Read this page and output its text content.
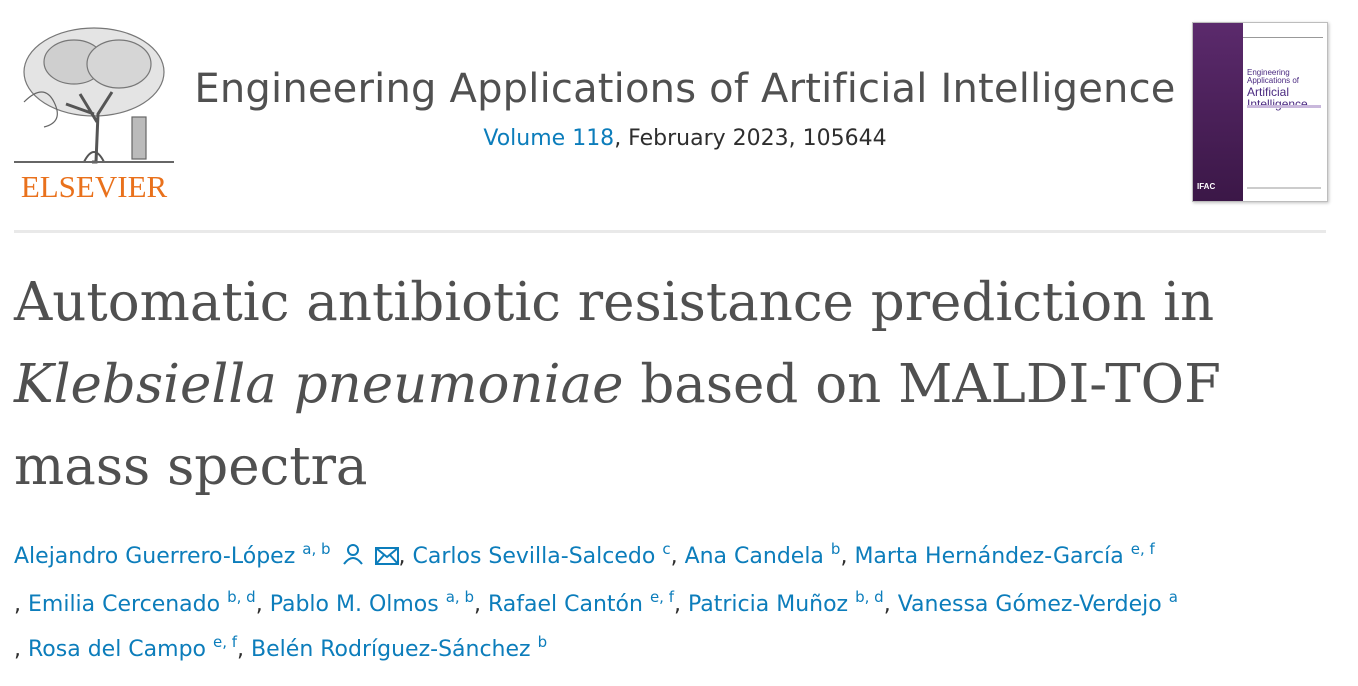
ELSEVIER
Engineering Applications of Artificial Intelligence
Volume 118, February 2023, 105644
Engineering Applications of
Artificial
IFAC
Automatic antibiotic resistance prediction in
Klebsiella pneumoniae based on MALDI-TOF mass spectra
Alejandro Guerrero-López $^{a, b}$	, Carlos Sevilla-Salcedo $^c$, Ana Candela $^b$, Marta Hernández-García $^{e, f}$
, Emilia Cercenado $^{b, d}$, Pablo M. Olmos $^{a, b}$, Rafael Cantón $^{e, f}$, Patricia Muñoz $^{b, d}$, Vanessa Gómez-Verdejo $^a$
, Rosa del Campo $^{e, f}$, Belén Rodríguez-Sánchez $^b$
